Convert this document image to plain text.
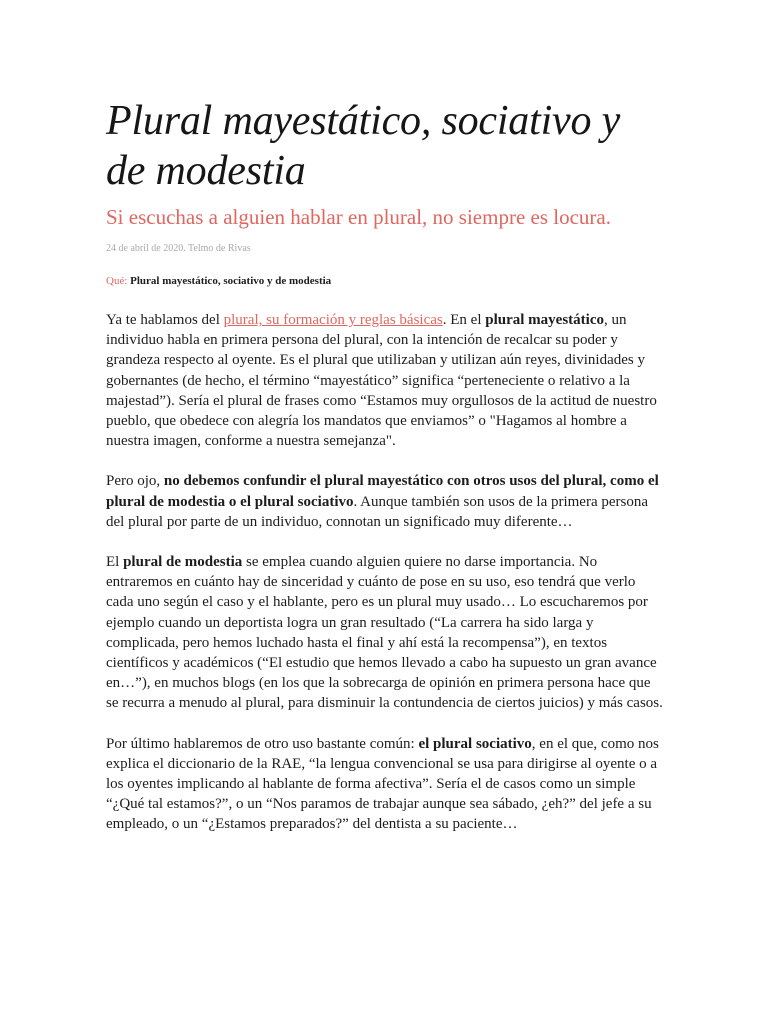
Plural mayestático, sociativo y de modestia

Si escuchas a alguien hablar en plural, no siempre es locura.

24 de abril de 2020. Telmo de Rivas

Qué: Plural mayestático, sociativo y de modestia

Ya te hablamos del plural, su formación y reglas básicas. En el plural mayestático, un individuo habla en primera persona del plural, con la intención de recalcar su poder y grandeza respecto al oyente. Es el plural que utilizaban y utilizan aún reyes, divinidades y gobernantes (de hecho, el término “mayestático” significa “perteneciente o relativo a la majestad”). Sería el plural de frases como “Estamos muy orgullosos de la actitud de nuestro pueblo, que obedece con alegría los mandatos que enviamos” o "Hagamos al hombre a nuestra imagen, conforme a nuestra semejanza".

Pero ojo, no debemos confundir el plural mayestático con otros usos del plural, como el plural de modestia o el plural sociativo. Aunque también son usos de la primera persona del plural por parte de un individuo, connotan un significado muy diferente…

El plural de modestia se emplea cuando alguien quiere no darse importancia. No entraremos en cuánto hay de sinceridad y cuánto de pose en su uso, eso tendrá que verlo cada uno según el caso y el hablante, pero es un plural muy usado… Lo escucharemos por ejemplo cuando un deportista logra un gran resultado (“La carrera ha sido larga y complicada, pero hemos luchado hasta el final y ahí está la recompensa”), en textos científicos y académicos (“El estudio que hemos llevado a cabo ha supuesto un gran avance en…”), en muchos blogs (en los que la sobrecarga de opinión en primera persona hace que se recurra a menudo al plural, para disminuir la contundencia de ciertos juicios) y más casos.

Por último hablaremos de otro uso bastante común: el plural sociativo, en el que, como nos explica el diccionario de la RAE, “la lengua convencional se usa para dirigirse al oyente o a los oyentes implicando al hablante de forma afectiva”. Sería el de casos como un simple “¿Qué tal estamos?”, o un “Nos paramos de trabajar aunque sea sábado, ¿eh?” del jefe a su empleado, o un “¿Estamos preparados?” del dentista a su paciente…
